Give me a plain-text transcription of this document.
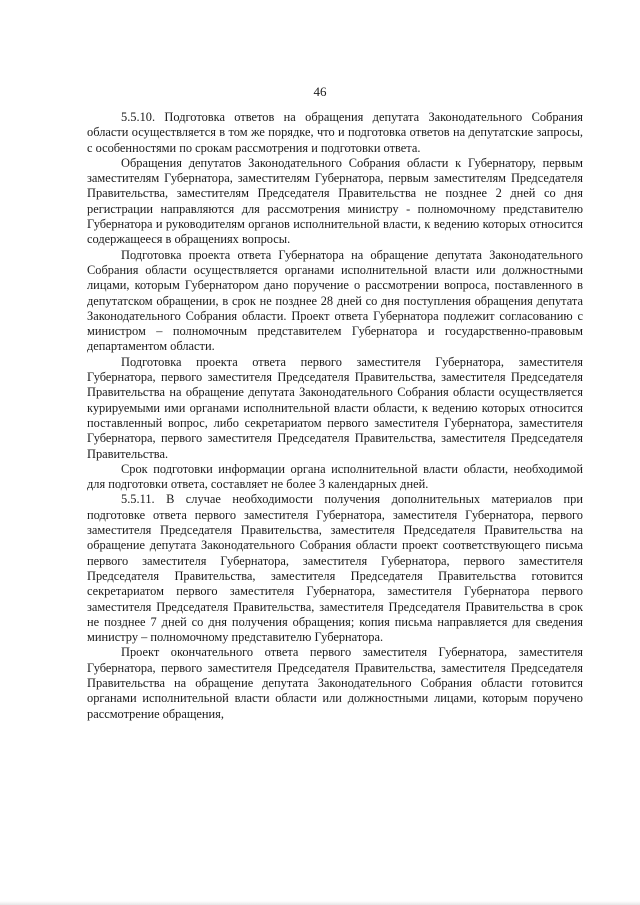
46

5.5.10. Подготовка ответов на обращения депутата Законодательного Собрания области осуществляется в том же порядке, что и подготовка ответов на депутатские запросы, с особенностями по срокам рассмотрения и подготовки ответа.

Обращения депутатов Законодательного Собрания области к Губернатору, первым заместителям Губернатора, заместителям Губернатора, первым заместителям Председателя Правительства, заместителям Председателя Правительства не позднее 2 дней со дня регистрации направляются для рассмотрения министру - полномочному представителю Губернатора и руководителям органов исполнительной власти, к ведению которых относится содержащееся в обращениях вопросы.

Подготовка проекта ответа Губернатора на обращение депутата Законодательного Собрания области осуществляется органами исполнительной власти или должностными лицами, которым Губернатором дано поручение о рассмотрении вопроса, поставленного в депутатском обращении, в срок не позднее 28 дней со дня поступления обращения депутата Законодательного Собрания области. Проект ответа Губернатора подлежит согласованию с министром – полномочным представителем Губернатора и государственно-правовым департаментом области.

Подготовка проекта ответа первого заместителя Губернатора, заместителя Губернатора, первого заместителя Председателя Правительства, заместителя Председателя Правительства на обращение депутата Законодательного Собрания области осуществляется курируемыми ими органами исполнительной власти области, к ведению которых относится поставленный вопрос, либо секретариатом первого заместителя Губернатора, заместителя Губернатора, первого заместителя Председателя Правительства, заместителя Председателя Правительства.

Срок подготовки информации органа исполнительной власти области, необходимой для подготовки ответа, составляет не более 3 календарных дней.

5.5.11. В случае необходимости получения дополнительных материалов при подготовке ответа первого заместителя Губернатора, заместителя Губернатора, первого заместителя Председателя Правительства, заместителя Председателя Правительства на обращение депутата Законодательного Собрания области проект соответствующего письма первого заместителя Губернатора, заместителя Губернатора, первого заместителя Председателя Правительства, заместителя Председателя Правительства готовится секретариатом первого заместителя Губернатора, заместителя Губернатора первого заместителя Председателя Правительства, заместителя Председателя Правительства в срок не позднее 7 дней со дня получения обращения; копия письма направляется для сведения министру – полномочному представителю Губернатора.

Проект окончательного ответа первого заместителя Губернатора, заместителя Губернатора, первого заместителя Председателя Правительства, заместителя Председателя Правительства на обращение депутата Законодательного Собрания области готовится органами исполнительной власти области или должностными лицами, которым поручено рассмотрение обращения,
